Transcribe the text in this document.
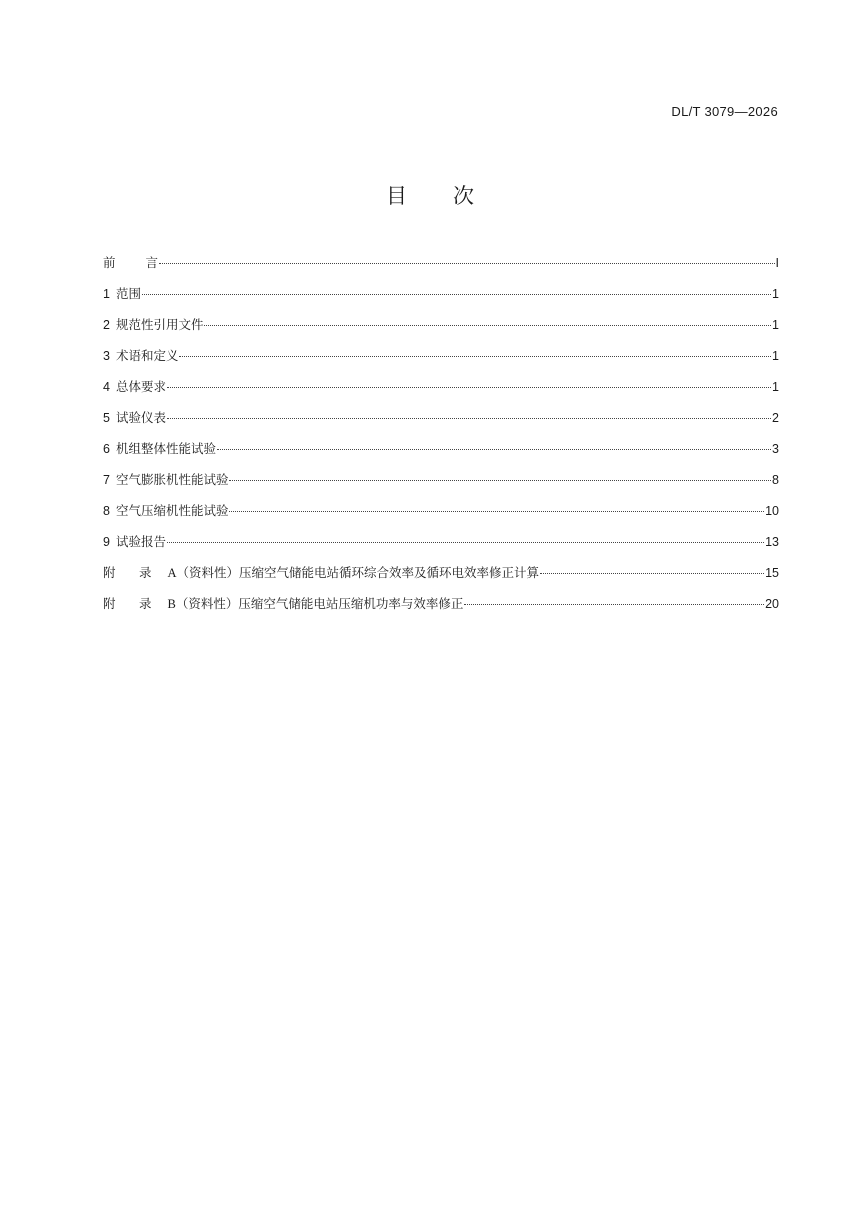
DL/T 3079—2026
目 次
前 言	I
1 范围	1
2 规范性引用文件	1
3 术语和定义	1
4 总体要求	1
5 试验仪表	2
6 机组整体性能试验	3
7 空气膨胀机性能试验	8
8 空气压缩机性能试验	10
9 试验报告	13
附 录 A（资料性）压缩空气储能电站循环综合效率及循环电效率修正计算	15
附 录 B（资料性）压缩空气储能电站压缩机功率与效率修正	20
